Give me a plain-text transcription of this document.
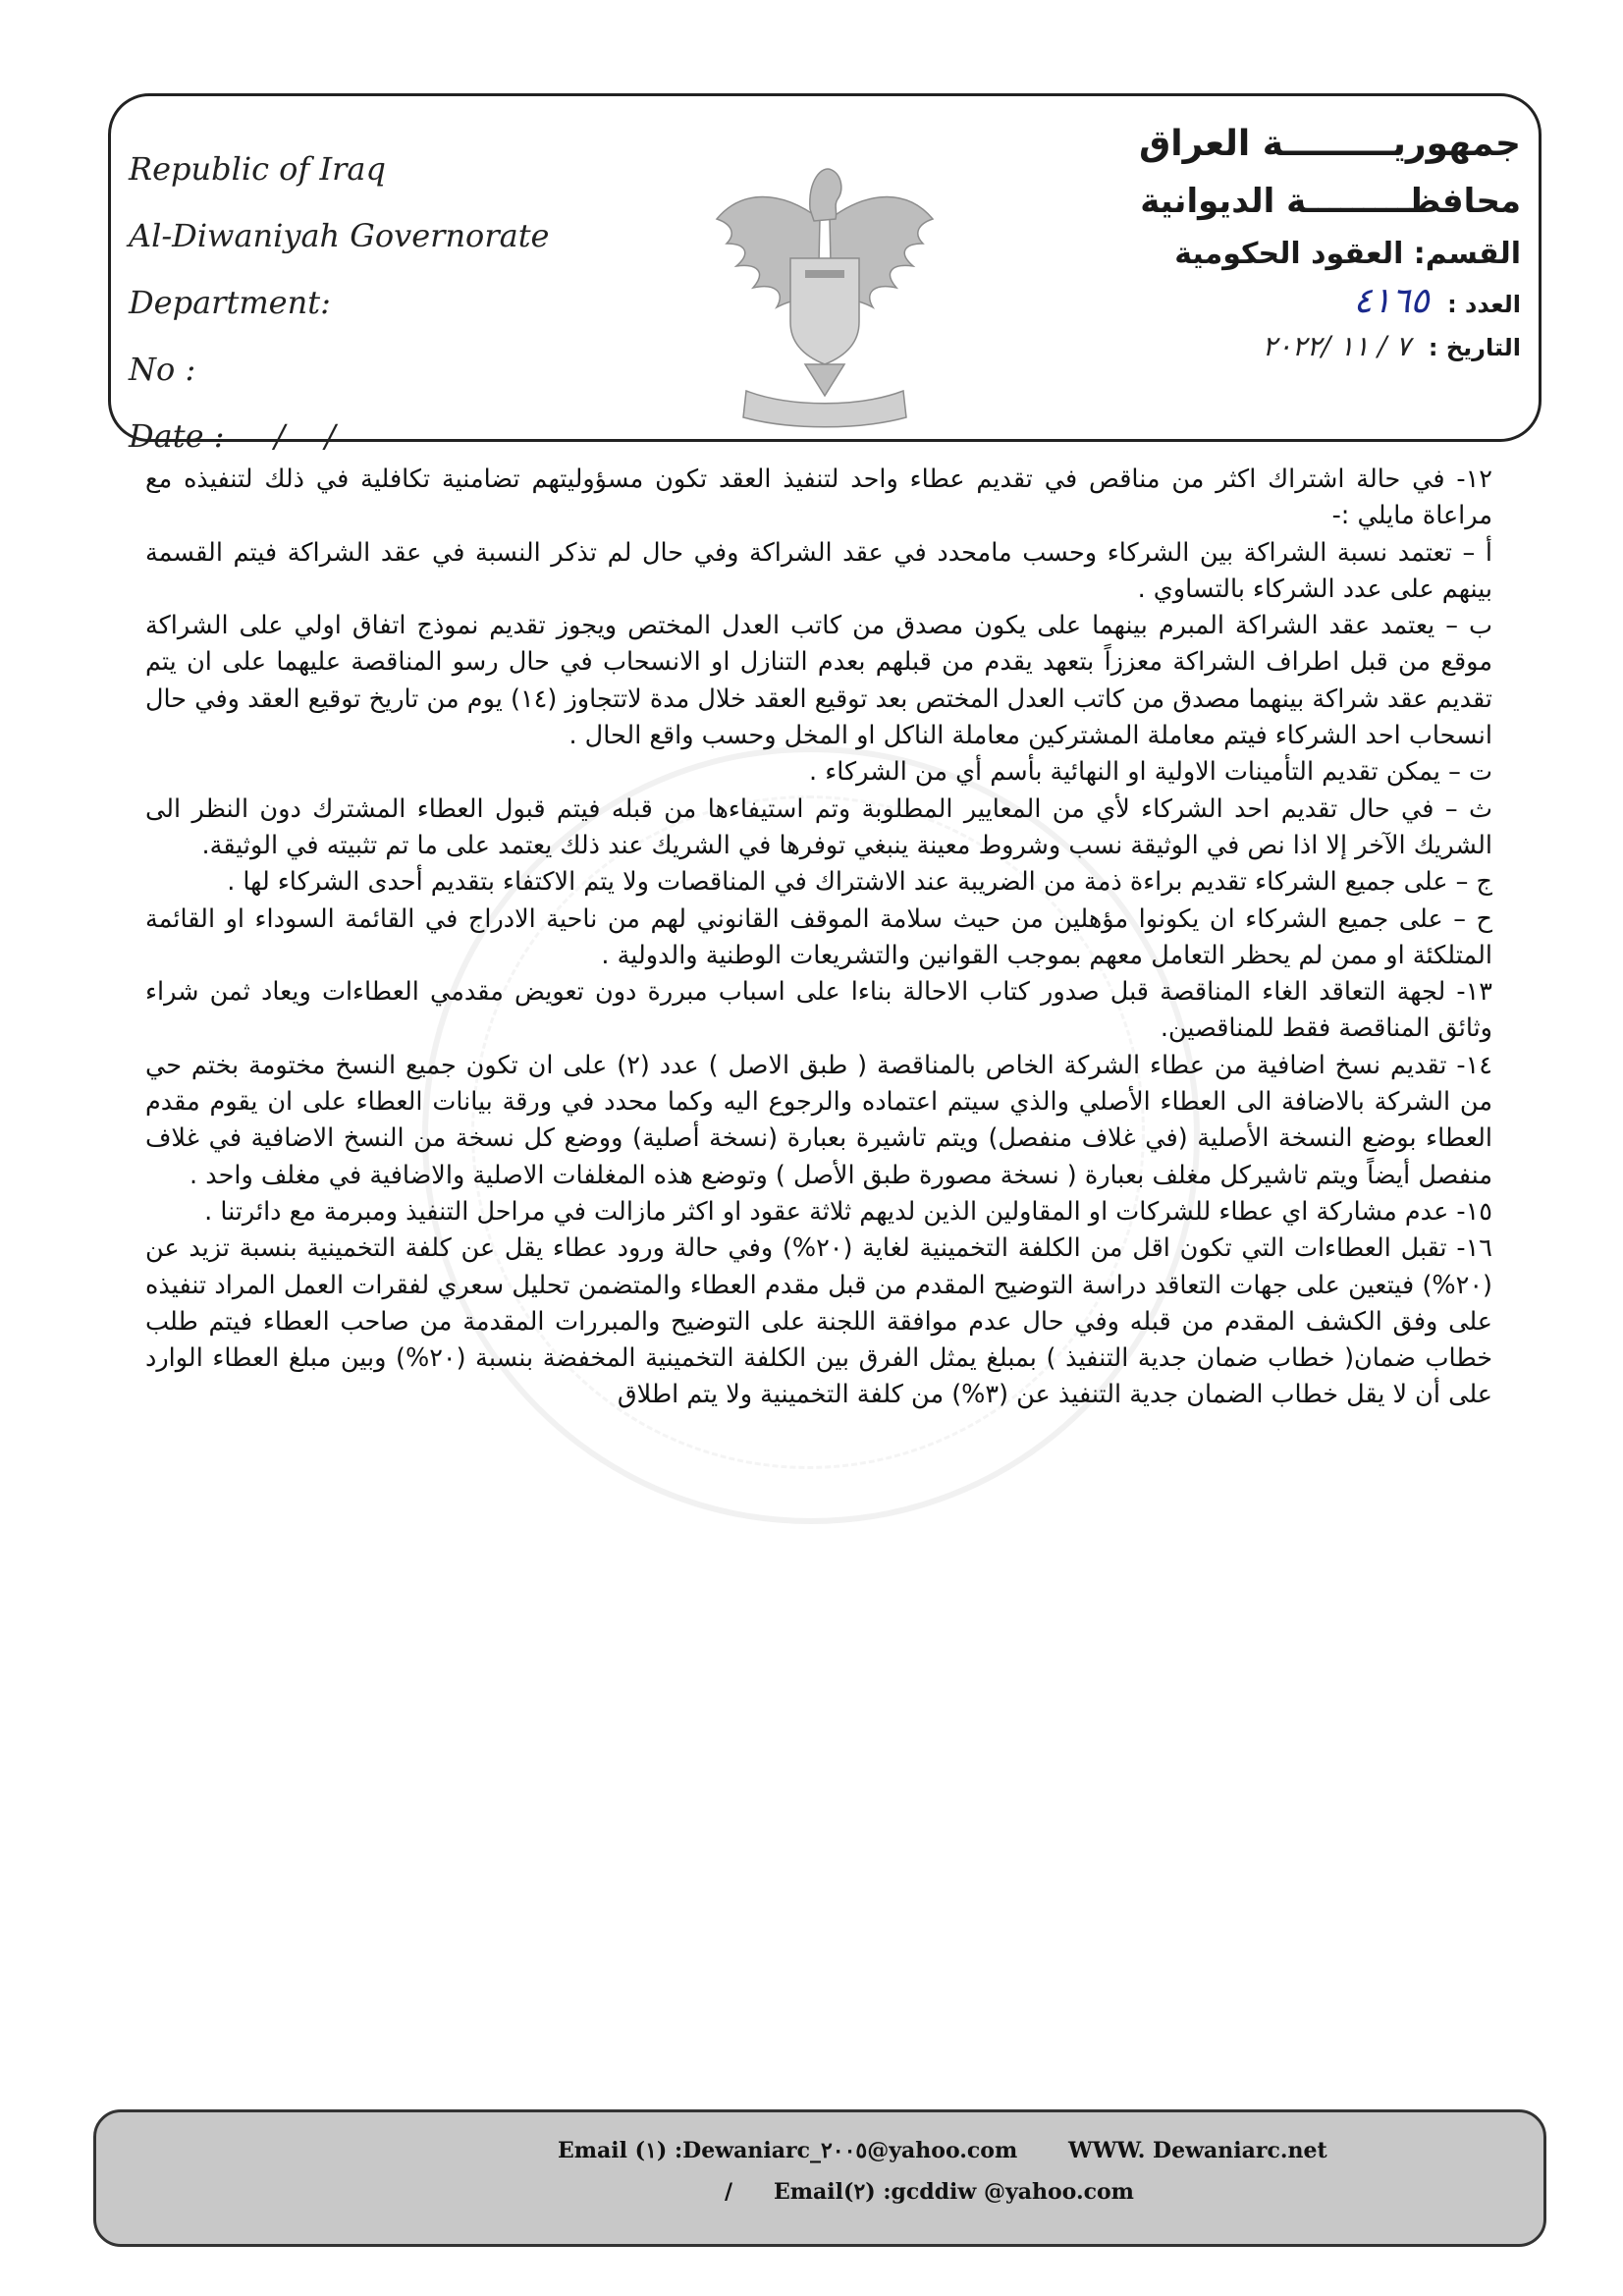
Republic of Iraq
Al-Diwaniyah Governorate
Department:
No :
Date :     /    /
جمهوريـــــــــة العراق
محافظـــــــــة الديوانية
القسم: العقود الحكومية
العدد : ٤١٦٥
التاريخ : ٧ / ١١ /٢٠٢٢

١٢- في حالة اشتراك اكثر من مناقص في تقديم عطاء واحد لتنفيذ العقد تكون مسؤوليتهم تضامنية تكافلية في ذلك لتنفيذه مع مراعاة مايلي :-

أ – تعتمد نسبة الشراكة بين الشركاء وحسب مامحدد في عقد الشراكة وفي حال لم تذكر النسبة في عقد الشراكة فيتم القسمة بينهم على عدد الشركاء بالتساوي .

ب – يعتمد عقد الشراكة المبرم بينهما على يكون مصدق من كاتب العدل المختص ويجوز تقديم نموذج اتفاق اولي على الشراكة موقع من قبل اطراف الشراكة معززاً بتعهد يقدم من قبلهم بعدم التنازل او الانسحاب في حال رسو المناقصة عليهما على ان يتم تقديم عقد شراكة بينهما مصدق من كاتب العدل المختص بعد توقيع العقد خلال مدة لاتتجاوز (١٤) يوم من تاريخ توقيع العقد وفي حال انسحاب احد الشركاء فيتم معاملة المشتركين معاملة الناكل او المخل وحسب واقع الحال .

ت – يمكن تقديم التأمينات الاولية او النهائية بأسم أي من الشركاء .

ث – في حال تقديم احد الشركاء لأي من المعايير المطلوبة وتم استيفاءها من قبله فيتم قبول العطاء المشترك دون النظر الى الشريك الآخر إلا اذا نص في الوثيقة نسب وشروط معينة ينبغي توفرها في الشريك عند ذلك يعتمد على ما تم تثبيته في الوثيقة.

ج – على جميع الشركاء تقديم براءة ذمة من الضريبة عند الاشتراك في المناقصات ولا يتم الاكتفاء بتقديم أحدى الشركاء لها .

ح – على جميع الشركاء ان يكونوا مؤهلين من حيث سلامة الموقف القانوني لهم من ناحية الادراج في القائمة السوداء او القائمة المتلكئة او ممن لم يحظر التعامل معهم بموجب القوانين والتشريعات الوطنية والدولية .

١٣- لجهة التعاقد الغاء المناقصة قبل صدور كتاب الاحالة بناءا على اسباب مبررة دون تعويض مقدمي العطاءات ويعاد ثمن شراء وثائق المناقصة فقط للمناقصين.

١٤- تقديم نسخ اضافية من عطاء الشركة الخاص بالمناقصة ( طبق الاصل ) عدد (٢) على ان تكون جميع النسخ مختومة بختم حي من الشركة بالاضافة الى العطاء الأصلي والذي سيتم اعتماده والرجوع اليه وكما محدد في ورقة بيانات العطاء على ان يقوم مقدم العطاء بوضع النسخة الأصلية (في غلاف منفصل) ويتم تاشيرة بعبارة (نسخة أصلية) ووضع كل نسخة من النسخ الاضافية في غلاف منفصل أيضاً ويتم تاشيركل مغلف بعبارة ( نسخة مصورة طبق الأصل ) وتوضع هذه المغلفات الاصلية والاضافية في مغلف واحد .

١٥- عدم مشاركة اي عطاء للشركات او المقاولين الذين لديهم ثلاثة عقود او اكثر مازالت في مراحل التنفيذ ومبرمة مع دائرتنا .

١٦- تقبل العطاءات التي تكون اقل من الكلفة التخمينية لغاية (٢٠%) وفي حالة ورود عطاء يقل عن كلفة التخمينية بنسبة تزيد عن (٢٠%) فيتعين على جهات التعاقد دراسة التوضيح المقدم من قبل مقدم العطاء والمتضمن تحليل سعري لفقرات العمل المراد تنفيذه على وفق الكشف المقدم من قبله وفي حال عدم موافقة اللجنة على التوضيح والمبررات المقدمة من صاحب العطاء فيتم طلب خطاب ضمان( خطاب ضمان جدية التنفيذ ) بمبلغ يمثل الفرق بين الكلفة التخمينية المخفضة بنسبة (٢٠%) وبين مبلغ العطاء الوارد على أن لا يقل خطاب الضمان جدية التنفيذ عن (٣%) من كلفة التخمينية ولا يتم اطلاق

Email (١) :Dewaniarc_٢٠٠٥@yahoo.com WWW. Dewaniarc.net
/ Email(٢) :gcddiw @yahoo.com
